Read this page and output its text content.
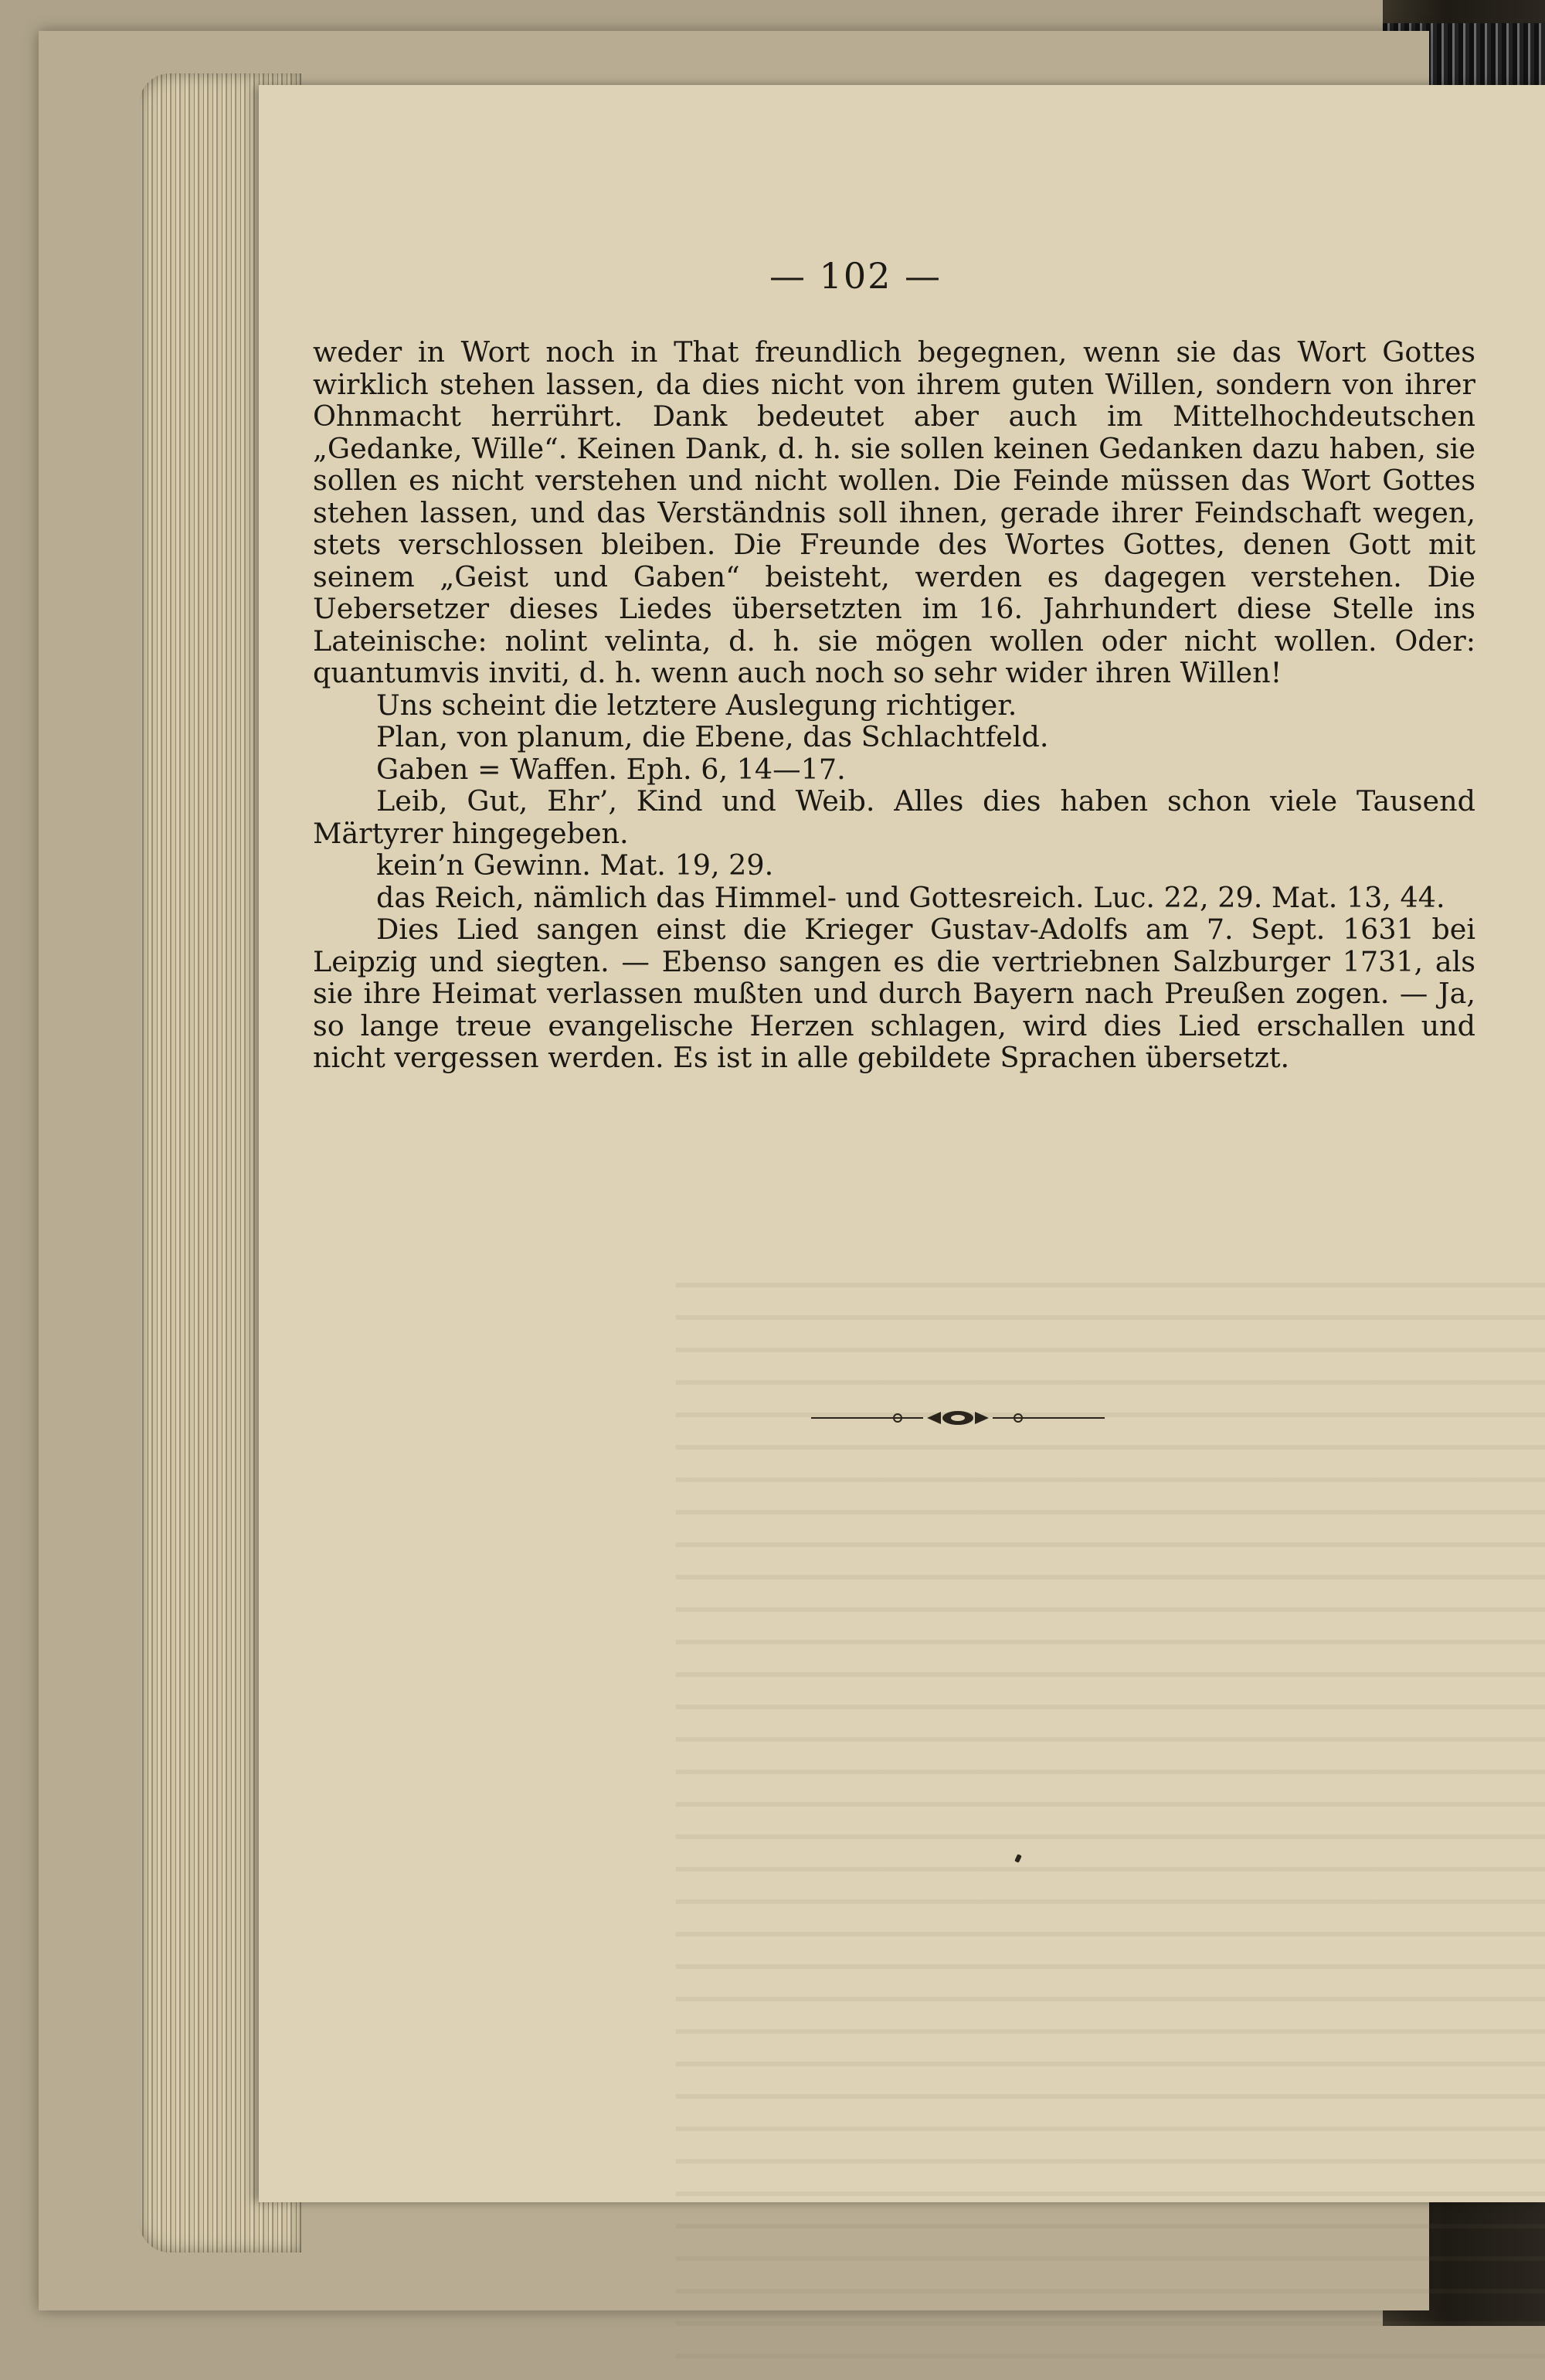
— 102 —

weder in Wort noch in That freundlich begegnen, wenn sie das Wort Gottes wirklich stehen lassen, da dies nicht von ihrem guten Willen, sondern von ihrer Ohnmacht herrührt. Dank bedeutet aber auch im Mittelhochdeutschen „Gedanke, Wille“. Keinen Dank, d. h. sie sollen keinen Gedanken dazu haben, sie sollen es nicht verstehen und nicht wollen. Die Feinde müssen das Wort Gottes stehen lassen, und das Verständnis soll ihnen, gerade ihrer Feindschaft wegen, stets verschlossen bleiben. Die Freunde des Wortes Gottes, denen Gott mit seinem „Geist und Gaben“ beisteht, werden es dagegen verstehen. Die Uebersetzer dieses Liedes übersetzten im 16. Jahrhundert diese Stelle ins Lateinische: nolint velinta, d. h. sie mögen wollen oder nicht wollen. Oder: quantumvis inviti, d. h. wenn auch noch so sehr wider ihren Willen!

Uns scheint die letztere Auslegung richtiger.

Plan, von planum, die Ebene, das Schlachtfeld.

Gaben = Waffen. Eph. 6, 14—17.

Leib, Gut, Ehr’, Kind und Weib. Alles dies haben schon viele Tausend Märtyrer hingegeben.

kein’n Gewinn. Mat. 19, 29.

das Reich, nämlich das Himmel- und Gottesreich. Luc. 22, 29. Mat. 13, 44.

Dies Lied sangen einst die Krieger Gustav-Adolfs am 7. Sept. 1631 bei Leipzig und siegten. — Ebenso sangen es die vertriebnen Salzburger 1731, als sie ihre Heimat verlassen mußten und durch Bayern nach Preußen zogen. — Ja, so lange treue evangelische Herzen schlagen, wird dies Lied erschallen und nicht vergessen werden. Es ist in alle gebildete Sprachen übersetzt.
